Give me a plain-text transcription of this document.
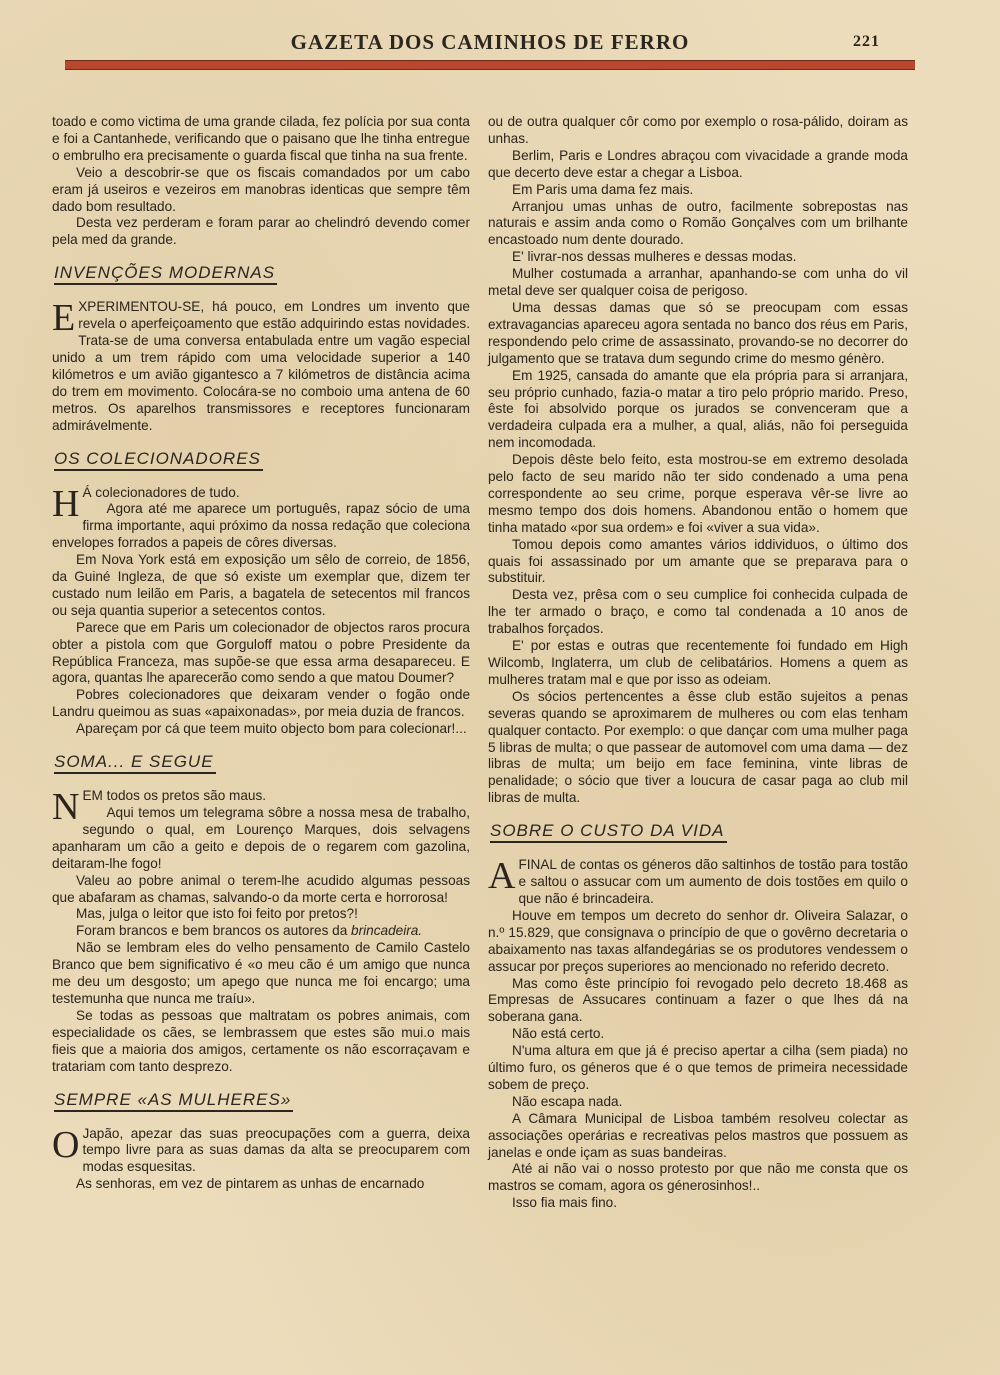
GAZETA DOS CAMINHOS DE FERRO	221

toado e como victima de uma grande cilada, fez polícia por sua conta e foi a Cantanhede, verificando que o paisano que lhe tinha entregue o embrulho era precisamente o guarda fiscal que tinha na sua frente.

Veio a descobrir-se que os fiscais comandados por um cabo eram já useiros e vezeiros em manobras identicas que sempre têm dado bom resultado.

Desta vez perderam e foram parar ao chelindró devendo comer pela med da grande.

INVENÇÕES MODERNAS

EXPERIMENTOU-SE, há pouco, em Londres um invento que revela o aperfeiçoamento que estão adquirindo estas novidades. Trata-se de uma conversa entabulada entre um vagão especial unido a um trem rápido com uma velocidade superior a 140 kilómetros e um avião gigantesco a 7 kilómetros de distância acima do trem em movimento. Colocára-se no comboio uma antena de 60 metros. Os aparelhos transmissores e receptores funcionaram admirávelmente.

OS COLECIONADORES

H Á colecionadores de tudo.

Agora até me aparece um português, rapaz sócio de uma firma importante, aqui próximo da nossa redação que coleciona envelopes forrados a papeis de côres diversas.

Em Nova York está em exposição um sêlo de correio, de 1856, da Guiné Ingleza, de que só existe um exemplar que, dizem ter custado num leilão em Paris, a bagatela de setecentos mil francos ou seja quantia superior a setecentos contos.

Parece que em Paris um colecionador de objectos raros procura obter a pistola com que Gorguloff matou o pobre Presidente da República Franceza, mas supõe-se que essa arma desapareceu. E agora, quantas lhe aparecerão como sendo a que matou Doumer?

Pobres colecionadores que deixaram vender o fogão onde Landru queimou as suas «apaixonadas», por meia duzia de francos.

Apareçam por cá que teem muito objecto bom para colecionar!...

SOMA... E SEGUE

NEM todos os pretos são maus.

Aqui temos um telegrama sôbre a nossa mesa de trabalho, segundo o qual, em Lourenço Marques, dois selvagens apanharam um cão a geito e depois de o regarem com gazolina, deitaram-lhe fogo!

Valeu ao pobre animal o terem-lhe acudido algumas pessoas que abafaram as chamas, salvando-o da morte certa e horrorosa!

Mas, julga o leitor que isto foi feito por pretos?!

Foram brancos e bem brancos os autores da brincadeira.

Não se lembram eles do velho pensamento de Camilo Castelo Branco que bem significativo é «o meu cão é um amigo que nunca me deu um desgosto; um apego que nunca me foi encargo; uma testemunha que nunca me traíu».

Se todas as pessoas que maltratam os pobres animais, com especialidade os cães, se lembrassem que estes são mui.o mais fieis que a maioria dos amigos, certamente os não escorraçavam e tratariam com tanto desprezo.

SEMPRE «AS MULHERES»

O Japão, apezar das suas preocupações com a guerra, deixa tempo livre para as suas damas da alta se preocuparem com modas esquesitas.

As senhoras, em vez de pintarem as unhas de encarnado

ou de outra qualquer côr como por exemplo o rosa-pálido, doiram as unhas.

Berlim, Paris e Londres abraçou com vivacidade a grande moda que decerto deve estar a chegar a Lisboa.

Em Paris uma dama fez mais.

Arranjou umas unhas de outro, facilmente sobrepostas nas naturais e assim anda como o Romão Gonçalves com um brilhante encastoado num dente dourado.

E' livrar-nos dessas mulheres e dessas modas.

Mulher costumada a arranhar, apanhando-se com unha do vil metal deve ser qualquer coisa de perigoso.

Uma dessas damas que só se preocupam com essas extravagancias apareceu agora sentada no banco dos réus em Paris, respondendo pelo crime de assassinato, provando-se no decorrer do julgamento que se tratava dum segundo crime do mesmo génèro.

Em 1925, cansada do amante que ela própria para si arranjara, seu próprio cunhado, fazia-o matar a tiro pelo próprio marido. Preso, êste foi absolvido porque os jurados se convenceram que a verdadeira culpada era a mulher, a qual, aliás, não foi perseguida nem incomodada.

Depois dêste belo feito, esta mostrou-se em extremo desolada pelo facto de seu marido não ter sido condenado a uma pena correspondente ao seu crime, porque esperava vêr-se livre ao mesmo tempo dos dois homens. Abandonou então o homem que tinha matado «por sua ordem» e foi «viver a sua vida».

Tomou depois como amantes vários iddividuos, o último dos quais foi assassinado por um amante que se preparava para o substituir.

Desta vez, prêsa com o seu cumplice foi conhecida culpada de lhe ter armado o braço, e como tal condenada a 10 anos de trabalhos forçados.

E' por estas e outras que recentemente foi fundado em High Wilcomb, Inglaterra, um club de celibatários. Homens a quem as mulheres tratam mal e que por isso as odeiam.

Os sócios pertencentes a êsse club estão sujeitos a penas severas quando se aproximarem de mulheres ou com elas tenham qualquer contacto. Por exemplo: o que dançar com uma mulher paga 5 libras de multa; o que passear de automovel com uma dama — dez libras de multa; um beijo em face feminina, vinte libras de penalidade; o sócio que tiver a loucura de casar paga ao club mil libras de multa.

SOBRE O CUSTO DA VIDA

AFINAL de contas os géneros dão saltinhos de tostão para tostão e saltou o assucar com um aumento de dois tostões em quilo o que não é brincadeira.

Houve em tempos um decreto do senhor dr. Oliveira Salazar, o n.º 15.829, que consignava o princípio de que o govêrno decretaria o abaixamento nas taxas alfandegárias se os produtores vendessem o assucar por preços superiores ao mencionado no referido decreto.

Mas como êste princípio foi revogado pelo decreto 18.468 as Empresas de Assucares continuam a fazer o que lhes dá na soberana gana.

Não está certo.

N'uma altura em que já é preciso apertar a cilha (sem piada) no último furo, os géneros que é o que temos de primeira necessidade sobem de preço.

Não escapa nada.

A Câmara Municipal de Lisboa também resolveu colectar as associações operárias e recreativas pelos mastros que possuem as janelas e onde içam as suas bandeiras.

Até ai não vai o nosso protesto por que não me consta que os mastros se comam, agora os génerosinhos!..

Isso fia mais fino.
